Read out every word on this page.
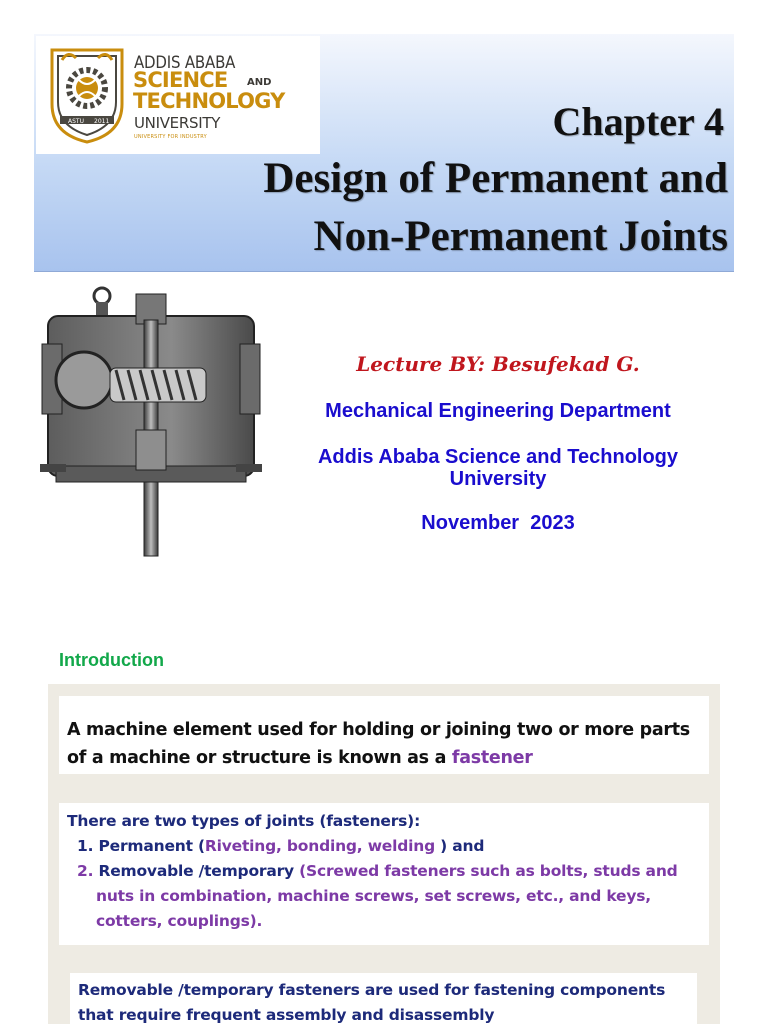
ASTU 2011
ADDIS ABABA
SCIENCE AND
TECHNOLOGY
UNIVERSITY
UNIVERSITY FOR INDUSTRY	Chapter 4
Design of Permanent and
Non-Permanent Joints
Lecture BY: Besufekad G.
Mechanical Engineering Department
Addis Ababa Science and Technology
University
November  2023
Introduction
A machine element used for holding or joining two or more parts
of a machine or structure is known as a fastener
There are two types of joints (fasteners):
1. Permanent (Riveting, bonding, welding ) and
2. Removable /temporary (Screwed fasteners such as bolts, studs and
nuts in combination, machine screws, set screws, etc., and keys,
cotters, couplings).
Removable /temporary fasteners are used for fastening components
that require frequent assembly and disassembly
